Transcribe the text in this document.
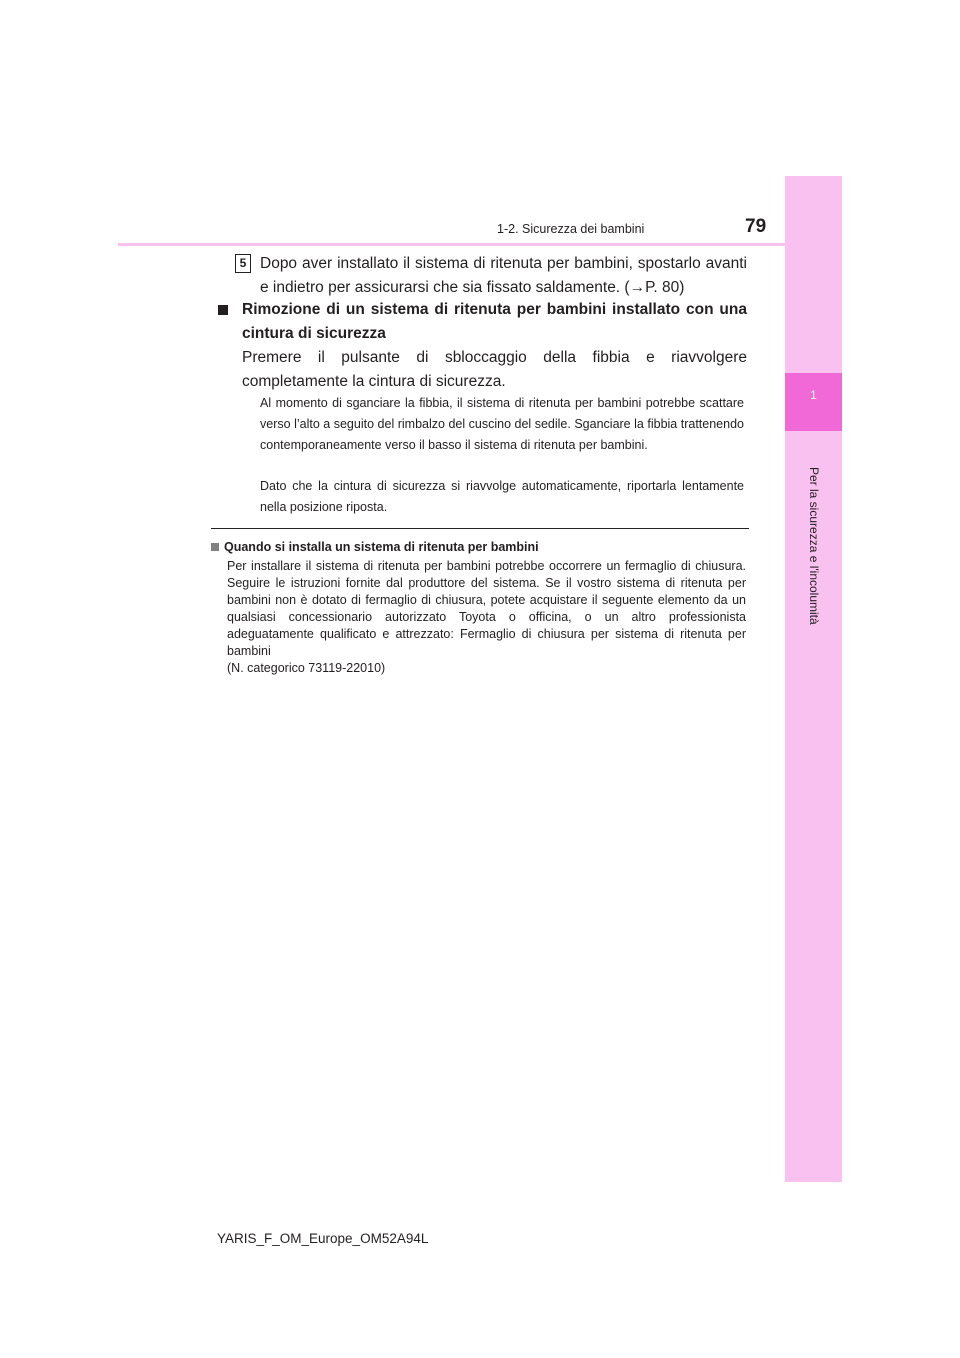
1
Per la sicurezza e l'incolumità
1-2. Sicurezza dei bambini	79
5 Dopo aver installato il sistema di ritenuta per bambini, spostarlo avanti e indietro per assicurarsi che sia fissato saldamente. (→P. 80)
Rimozione di un sistema di ritenuta per bambini installato con una cintura di sicurezza
Premere il pulsante di sbloccaggio della fibbia e riavvolgere completamente la cintura di sicurezza.
Al momento di sganciare la fibbia, il sistema di ritenuta per bambini potrebbe scattare verso l’alto a seguito del rimbalzo del cuscino del sedile. Sganciare la fibbia trattenendo contemporaneamente verso il basso il sistema di ritenuta per bambini.
Dato che la cintura di sicurezza si riavvolge automaticamente, riportarla lentamente nella posizione riposta.
Quando si installa un sistema di ritenuta per bambini
Per installare il sistema di ritenuta per bambini potrebbe occorrere un fermaglio di chiusura. Seguire le istruzioni fornite dal produttore del sistema. Se il vostro sistema di ritenuta per bambini non è dotato di fermaglio di chiusura, potete acquistare il seguente elemento da un qualsiasi concessionario autorizzato Toyota o officina, o un altro professionista adeguatamente qualificato e attrezzato: Fermaglio di chiusura per sistema di ritenuta per bambini
(N. categorico 73119-22010)
YARIS_F_OM_Europe_OM52A94L
